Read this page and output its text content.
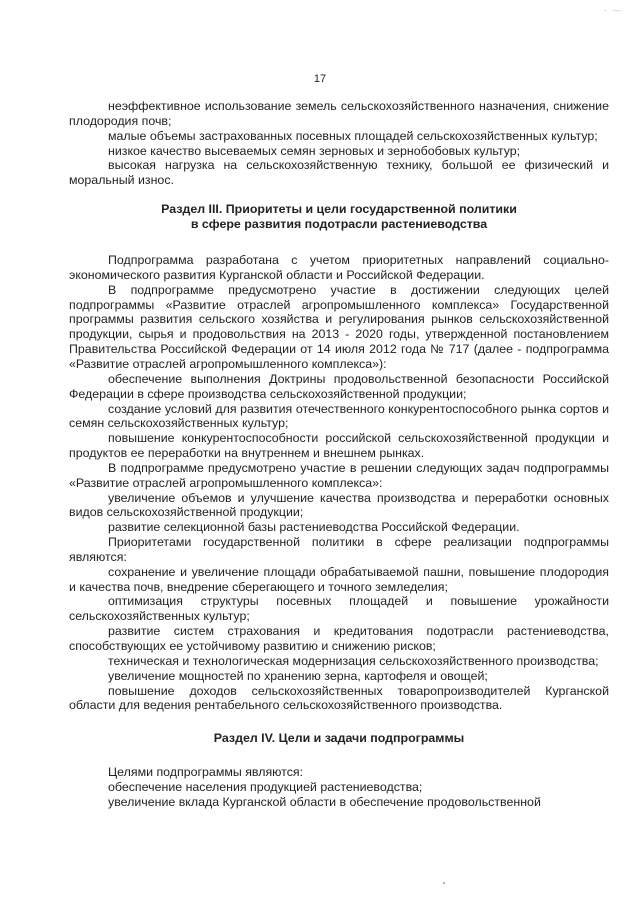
- —
17

неэффективное использование земель сельскохозяйственного назначения, снижение плодородия почв;

малые объемы застрахованных посевных площадей сельскохозяйственных культур;

низкое качество высеваемых семян зерновых и зернобобовых культур;

высокая нагрузка на сельскохозяйственную технику, большой ее физический и моральный износ.

Раздел III. Приоритеты и цели государственной политики
в сфере развития подотрасли растениеводства

Подпрограмма разработана с учетом приоритетных направлений социально-экономического развития Курганской области и Российской Федерации.

В подпрограмме предусмотрено участие в достижении следующих целей подпрограммы «Развитие отраслей агропромышленного комплекса» Государственной программы развития сельского хозяйства и регулирования рынков сельскохозяйственной продукции, сырья и продовольствия на 2013 - 2020 годы, утвержденной постановлением Правительства Российской Федерации от 14 июля 2012 года № 717 (далее - подпрограмма «Развитие отраслей агропромышленного комплекса»):

обеспечение выполнения Доктрины продовольственной безопасности Российской Федерации в сфере производства сельскохозяйственной продукции;

создание условий для развития отечественного конкурентоспособного рынка сортов и семян сельскохозяйственных культур;

повышение конкурентоспособности российской сельскохозяйственной продукции и продуктов ее переработки на внутреннем и внешнем рынках.

В подпрограмме предусмотрено участие в решении следующих задач подпрограммы «Развитие отраслей агропромышленного комплекса»:

увеличение объемов и улучшение качества производства и переработки основных видов сельскохозяйственной продукции;

развитие селекционной базы растениеводства Российской Федерации.

Приоритетами государственной политики в сфере реализации подпрограммы являются:

сохранение и увеличение площади обрабатываемой пашни, повышение плодородия и качества почв, внедрение сберегающего и точного земледелия;

оптимизация структуры посевных площадей и повышение урожайности сельскохозяйственных культур;

развитие систем страхования и кредитования подотрасли растениеводства, способствующих ее устойчивому развитию и снижению рисков;

техническая и технологическая модернизация сельскохозяйственного производства;

увеличение мощностей по хранению зерна, картофеля и овощей;

повышение доходов сельскохозяйственных товаропроизводителей Курганской области для ведения рентабельного сельскохозяйственного производства.

Раздел IV. Цели и задачи подпрограммы

Целями подпрограммы являются:

обеспечение населения продукцией растениеводства;

увеличение вклада Курганской области в обеспечение продовольственной
